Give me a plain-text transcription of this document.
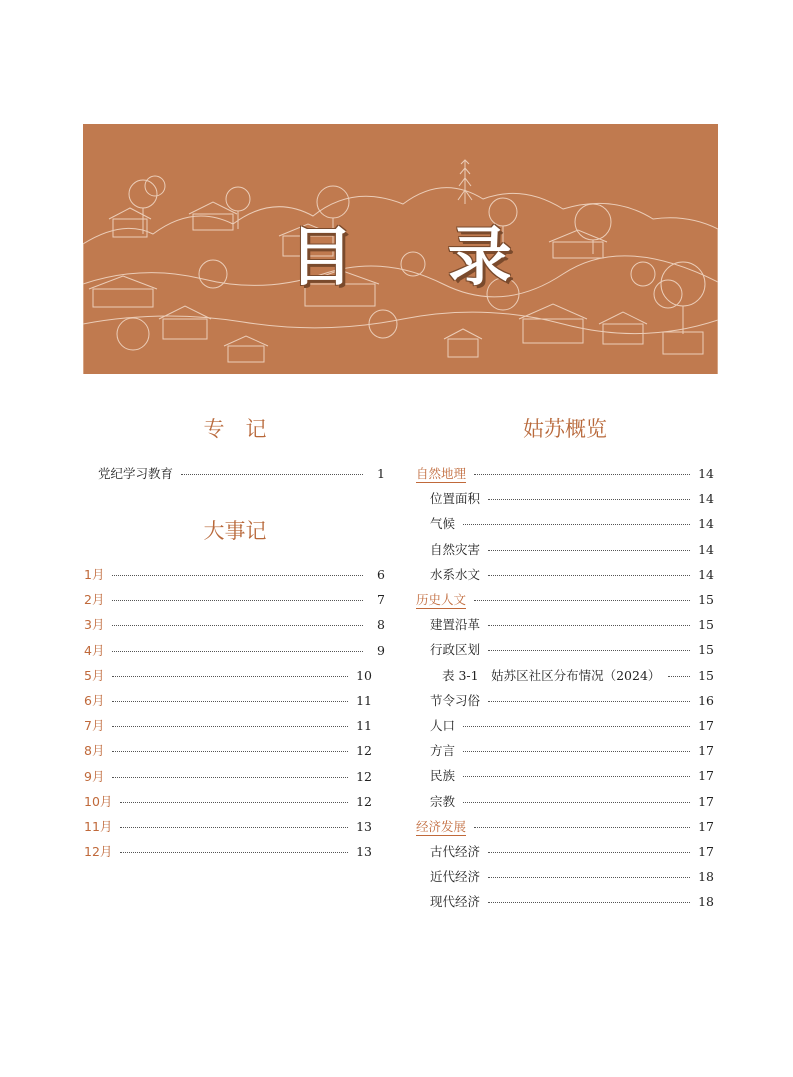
目 录
专　记
党纪学习教育	1
大事记
1月	6
2月	7
3月	8
4月	9
5月	10
6月	11
7月	11
8月	12
9月	12
10月	12
11月	13
12月	13
姑苏概览
自然地理	14
位置面积	14
气候	14
自然灾害	14
水系水文	14
历史人文	15
建置沿革	15
行政区划	15
表 3-1　姑苏区社区分布情况（2024）	15
节令习俗	16
人口	17
方言	17
民族	17
宗教	17
经济发展	17
古代经济	17
近代经济	18
现代经济	18
